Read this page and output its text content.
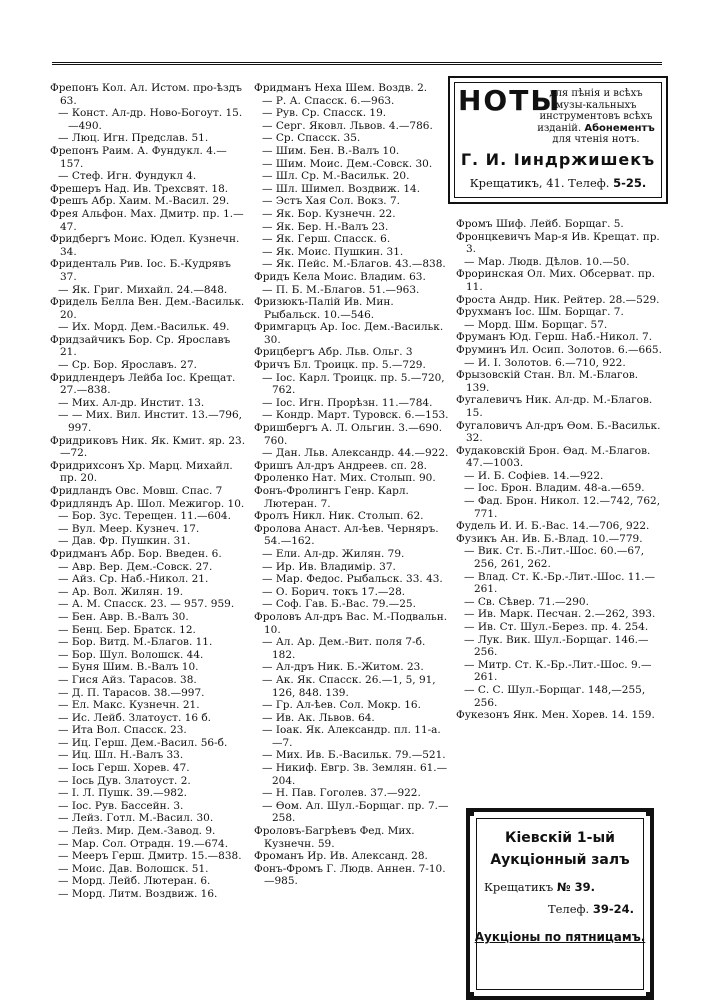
Фрепонъ Кол. Ал. Истом. про-ѣздъ 63.

— Конст. Ал-др. Ново-Богоут. 15.—490.

— Люц. Игн. Предслав. 51.

Фрепонъ Раим. А. Фундукл. 4.—157.

— Стеф. Игн. Фундукл 4.

Фрешеръ Над. Ив. Трехсвят. 18.

Фрешъ Абр. Хаим. М.-Васил. 29.

Фрея Альфон. Мах. Дмитр. пр. 1.—47.

Фридбергъ Моис. Юдел. Кузнечн. 34.

Фриденталь Рив. Іос. Б.-Кудрявъ 37.

— Як. Григ. Михайл. 24.—848.

Фридель Белла Вен. Дем.-Васильк. 20.

— Их. Морд. Дем.-Васильк. 49.

Фридзайчикъ Бор. Ср. Ярославъ 21.

— Ср. Бор. Ярославъ. 27.

Фридлендеръ Лейба Іос. Крещат. 27.—838.

— Мих. Ал-др. Инстит. 13.

— — Мих. Вил. Инстит. 13.—796, 997.

Фридриковъ Ник. Як. Кмит. яр. 23.—72.

Фридрихсонъ Хр. Марц. Михайл. пр. 20.

Фридландъ Овс. Мовш. Спас. 7

Фридляндъ Ар. Шол. Межигор. 10.

— Бор. Зус. Терещен. 11.—604.

— Вул. Меер. Кузнеч. 17.

— Дав. Фр. Пушкин. 31.

Фридманъ Абр. Бор. Введен. 6.

— Авр. Вер. Дем.-Совск. 27.

— Айз. Ср. Наб.-Никол. 21.

— Ар. Вол. Жилян. 19.

— А. М. Спасск. 23. — 957. 959.

— Бен. Авр. В.-Валъ 30.

— Бенц. Бер. Братск. 12.

— Бор. Витд. М.-Благов. 11.

— Бор. Шул. Волошск. 44.

— Буня Шим. В.-Валъ 10.

— Гися Айз. Тарасов. 38.

— Д. П. Тарасов. 38.—997.

— Ел. Макс. Кузнечн. 21.

— Ис. Лейб. Златоуст. 16 б.

— Ита Вол. Спасск. 23.

— Иц. Герш. Дем.-Васил. 56-б.

— Иц. Шл. Н.-Валъ 33.

— Іось Герш. Хорев. 47.

— Іось Дув. Златоуст. 2.

— І. Л. Пушк. 39.—982.

— Іос. Рув. Бассейн. 3.

— Лейз. Готл. М.-Васил. 30.

— Лейз. Мир. Дем.-Завод. 9.

— Мар. Сол. Отрадн. 19.—674.

— Мееръ Герш. Дмитр. 15.—838.

— Моис. Дав. Волошск. 51.

— Морд. Лейб. Лютеран. 6.

— Морд. Литм. Воздвиж. 16.

Фридманъ Неха Шем. Воздв. 2.

— Р. А. Спасск. 6.—963.

— Рув. Ср. Спасск. 19.

— Серг. Яковл. Львов. 4.—786.

— Ср. Спасск. 35.

— Шим. Бен. В.-Валъ 10.

— Шим. Моис. Дем.-Совск. 30.

— Шл. Ср. М.-Васильк. 20.

— Шл. Шимел. Воздвиж. 14.

— Эстъ Хая Сол. Вокз. 7.

— Як. Бор. Кузнечн. 22.

— Як. Бер. Н.-Валъ 23.

— Як. Герш. Спасск. 6.

— Як. Моис. Пушкин. 31.

— Як. Пейс. М.-Благов. 43.—838.

Фридъ Кела Моис. Владим. 63.

— П. Б. М.-Благов. 51.—963.

Фризюкъ-Палій Ив. Мин. Рыбальск. 10.—546.

Фримгарцъ Ар. Іос. Дем.-Васильк. 30.

Фрицбергъ Абр. Льв. Ольг. 3

Фричъ Бл. Троицк. пр. 5.—729.

— Іос. Карл. Троицк. пр. 5.—720, 762.

— Іос. Игн. Прорѣзн. 11.—784.

— Кондр. Март. Туровск. 6.—153.

Фришбергъ А. Л. Ольгин. 3.—690. 760.

— Дан. Льв. Александр. 44.—922.

Фришъ Ал-дръ Андреев. сп. 28.

Фроленко Нат. Мих. Столып. 90.

Фонъ-Фролингъ Генр. Карл. Лютеран. 7.

Фролъ Никл. Ник. Столып. 62.

Фролова Анаст. Ал-ѣев. Черняръ. 54.—162.

— Ели. Ал-др. Жилян. 79.

— Ир. Ив. Владимір. 37.

— Мар. Федос. Рыбальск. 33. 43.

— О. Борич. токъ 17.—28.

— Соф. Гав. Б.-Вас. 79.—25.

Фроловъ Ал-дръ Вас. М.-Подвальн. 10.

— Ал. Ар. Дем.-Вит. поля 7-б. 182.

— Ал-дръ Ник. Б.-Житом. 23.

— Ак. Як. Спасск. 26.—1, 5, 91, 126, 848. 139.

— Гр. Ал-ѣев. Сол. Мокр. 16.

— Ив. Ак. Львов. 64.

— Іоак. Як. Александр. пл. 11-а.—7.

— Мих. Ив. Б.-Васильк. 79.—521.

— Никиф. Евгр. Зв. Землян. 61.—204.

— Н. Пав. Гоголев. 37.—922.

— Ѳом. Ал. Шул.-Борщаг. пр. 7.—258.

Фроловъ-Багрѣевъ Фед. Мих. Кузнечн. 59.

Фроманъ Ир. Ив. Александ. 28.

Фонъ-Фромъ Г. Людв. Аннен. 7-10.—985.

НОТЫ
для пѣнія и всѣхъ музы-кальныхъ инструментовъ всѣхъ изданій. Абонементъ для чтенія нотъ.
Г. И. Іиндржишекъ
Крещатикъ, 41. Телеф. 5-25.

Фромъ Шиф. Лейб. Борщаг. 5.

Фронцкевичъ Мар-я Ив. Крещат. пр. 3.

— Мар. Людв. Дѣлов. 10.—50.

Фроринская Ол. Мих. Обсерват. пр. 11.

Фроста Андр. Ник. Рейтер. 28.—529.

Фрухманъ Іос. Шм. Борщаг. 7.

— Морд. Шм. Борщаг. 57.

Фруманъ Юд. Герш. Наб.-Никол. 7.

Фруминъ Ил. Осип. Золотов. 6.—665.

— И. І. Золотов. 6.—710, 922.

Фрызовскій Стан. Вл. М.-Благов. 139.

Фугалевичъ Ник. Ал-др. М.-Благов. 15.

Фугаловичъ Ал-дръ Ѳом. Б.-Васильк. 32.

Фудаковскій Брон. Ѳад. М.-Благов. 47.—1003.

— И. Б. Софіев. 14.—922.

— Іос. Брон. Владим. 48-а.—659.

— Фад. Брон. Никол. 12.—742, 762, 771.

Фудель И. И. Б.-Вас. 14.—706, 922.

Фузикъ Ан. Ив. Б.-Влад. 10.—779.

— Вик. Ст. Б.-Лит.-Шос. 60.—67, 256, 261, 262.

— Влад. Ст. К.-Бр.-Лит.-Шос. 11.—261.

— Св. Сѣвер. 71.—290.

— Ив. Марк. Песчан. 2.—262, 393.

— Ив. Ст. Шул.-Берез. пр. 4. 254.

— Лук. Вик. Шул.-Борщаг. 146.—256.

— Митр. Ст. К.-Бр.-Лит.-Шос. 9.—261.

— С. С. Шул.-Борщаг. 148,—255, 256.

Фукезонъ Янк. Мен. Хорев. 14. 159.

Кіевскій 1-ый
Аукціонный залъ
Крещатикъ № 39.
Телеф. 39-24.
Аукціоны по пятницамъ.
